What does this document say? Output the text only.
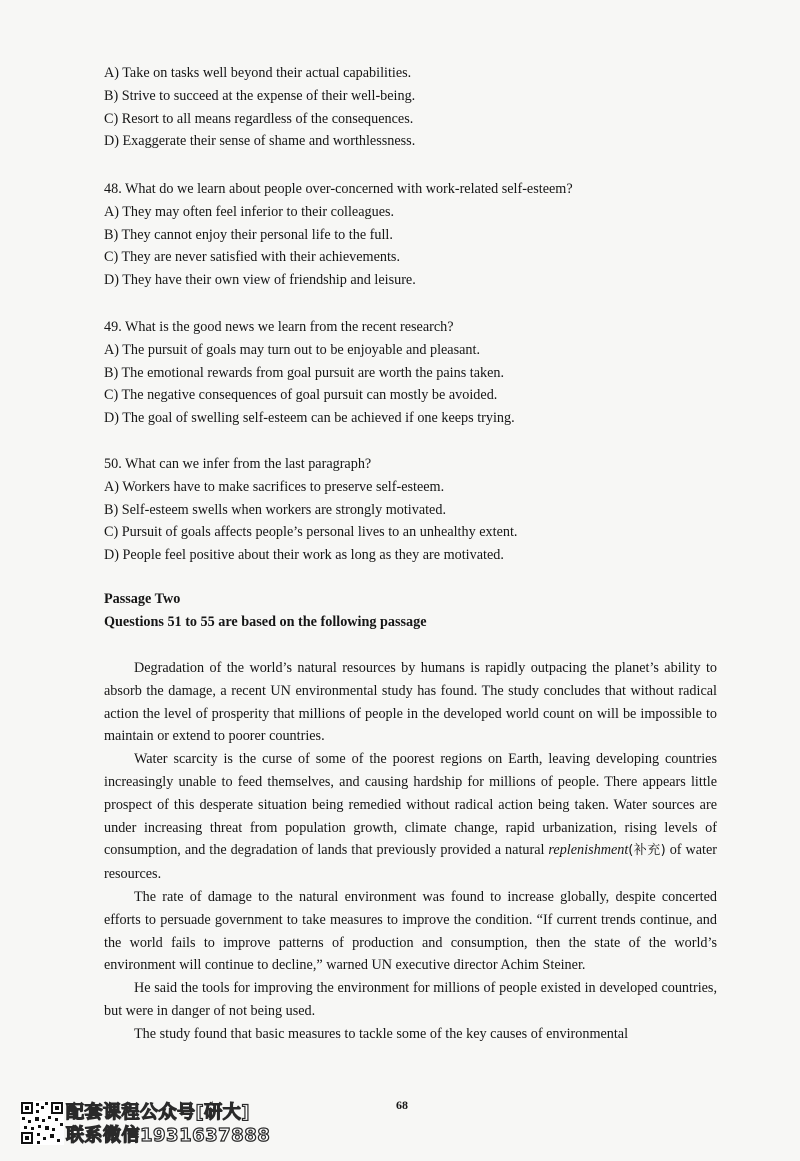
A) Take on tasks well beyond their actual capabilities.
B) Strive to succeed at the expense of their well-being.
C) Resort to all means regardless of the consequences.
D) Exaggerate their sense of shame and worthlessness.
48. What do we learn about people over-concerned with work-related self-esteem?
A) They may often feel inferior to their colleagues.
B) They cannot enjoy their personal life to the full.
C) They are never satisfied with their achievements.
D) They have their own view of friendship and leisure.
49. What is the good news we learn from the recent research?
A) The pursuit of goals may turn out to be enjoyable and pleasant.
B) The emotional rewards from goal pursuit are worth the pains taken.
C) The negative consequences of goal pursuit can mostly be avoided.
D) The goal of swelling self-esteem can be achieved if one keeps trying.
50. What can we infer from the last paragraph?
A) Workers have to make sacrifices to preserve self-esteem.
B) Self-esteem swells when workers are strongly motivated.
C) Pursuit of goals affects people’s personal lives to an unhealthy extent.
D) People feel positive about their work as long as they are motivated.
Passage Two
Questions 51 to 55 are based on the following passage

Degradation of the world’s natural resources by humans is rapidly outpacing the planet’s ability to absorb the damage, a recent UN environmental study has found. The study concludes that without radical action the level of prosperity that millions of people in the developed world count on will be impossible to maintain or extend to poorer countries.

Water scarcity is the curse of some of the poorest regions on Earth, leaving developing countries increasingly unable to feed themselves, and causing hardship for millions of people. There appears little prospect of this desperate situation being remedied without radical action being taken. Water sources are under increasing threat from population growth, climate change, rapid urbanization, rising levels of consumption, and the degradation of lands that previously provided a natural replenishment(补充) of water resources.

The rate of damage to the natural environment was found to increase globally, despite concerted efforts to persuade government to take measures to improve the condition. “If current trends continue, and the world fails to improve patterns of production and consumption, then the state of the world’s environment will continue to decline,” warned UN executive director Achim Steiner.

He said the tools for improving the environment for millions of people existed in developed countries, but were in danger of not being used.

The study found that basic measures to tackle some of the key causes of environmental

68
配套课程公众号[研大]
联系微信1931637888
